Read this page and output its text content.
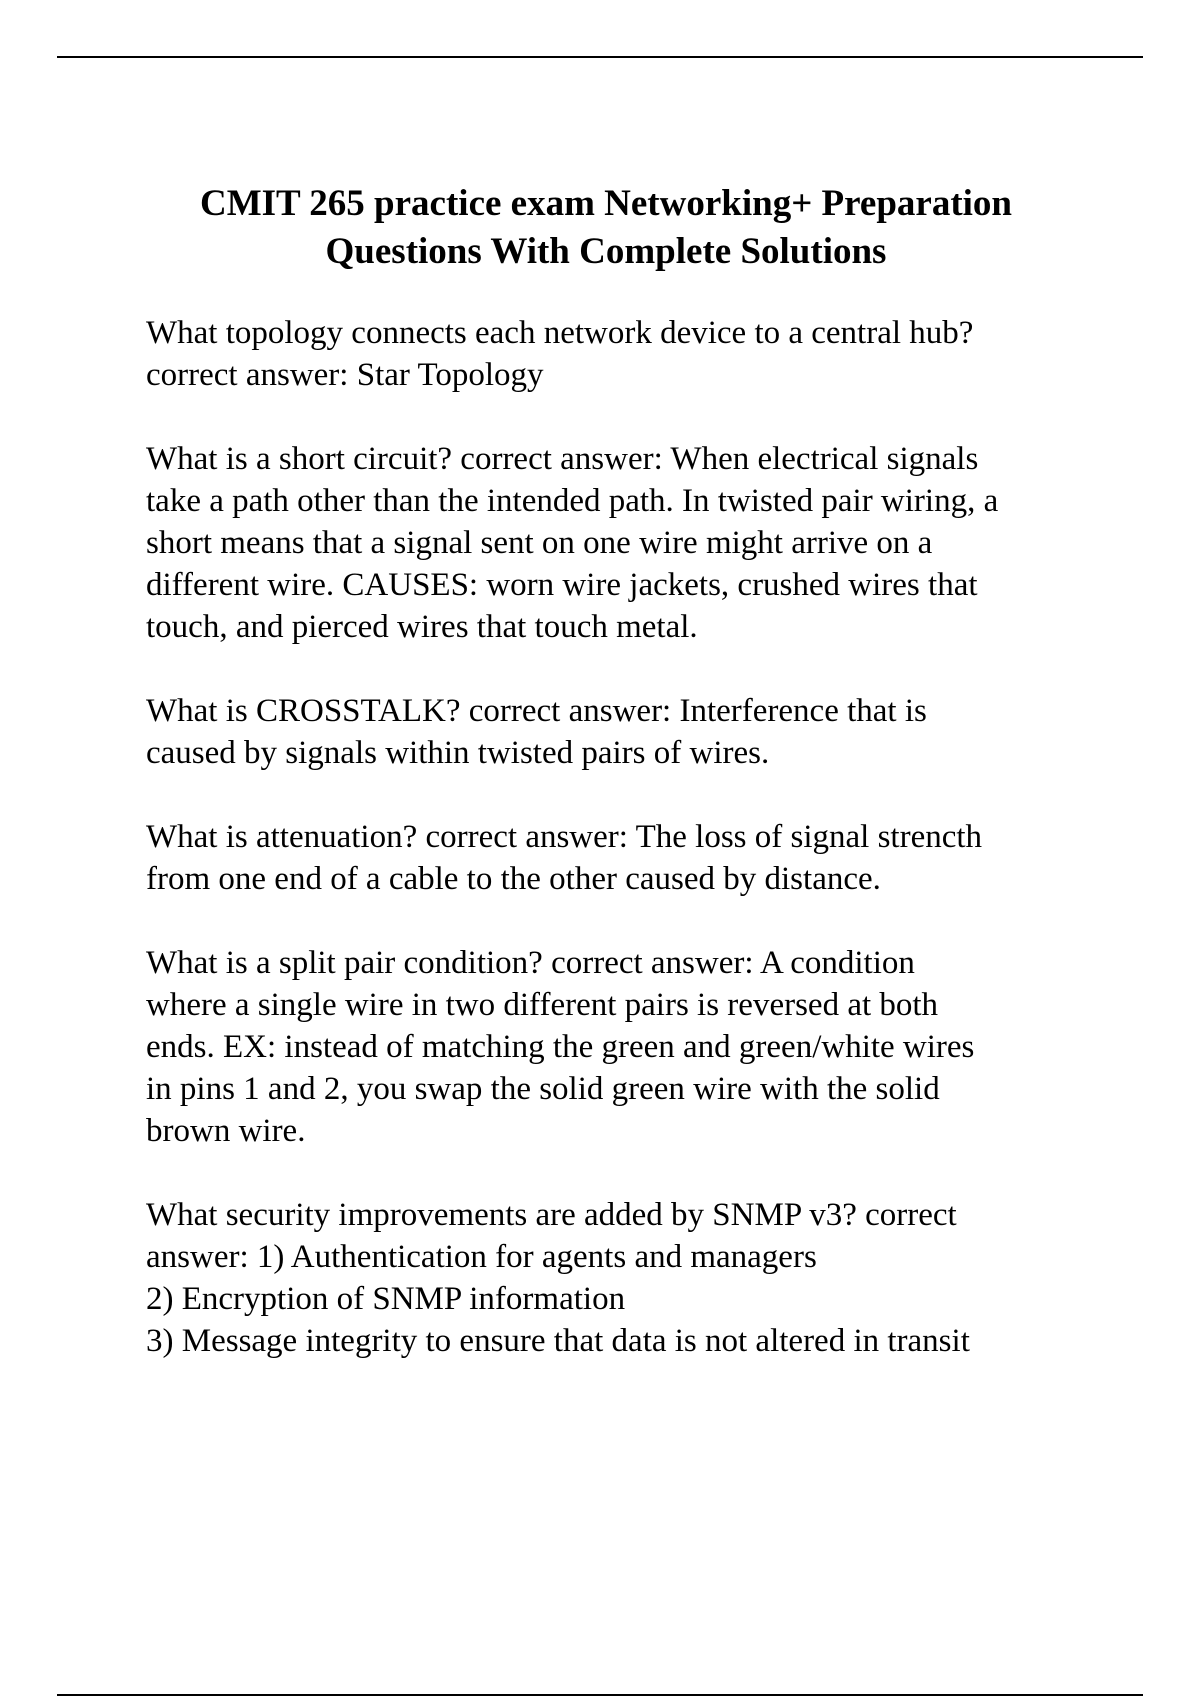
CMIT 265 practice exam Networking+ Preparation
Questions With Complete Solutions

What topology connects each network device to a central hub?
correct answer: Star Topology

What is a short circuit? correct answer: When electrical signals
take a path other than the intended path. In twisted pair wiring, a
short means that a signal sent on one wire might arrive on a
different wire. CAUSES: worn wire jackets, crushed wires that
touch, and pierced wires that touch metal.

What is CROSSTALK? correct answer: Interference that is
caused by signals within twisted pairs of wires.

What is attenuation? correct answer: The loss of signal strencth
from one end of a cable to the other caused by distance.

What is a split pair condition? correct answer: A condition
where a single wire in two different pairs is reversed at both
ends. EX: instead of matching the green and green/white wires
in pins 1 and 2, you swap the solid green wire with the solid
brown wire.

What security improvements are added by SNMP v3? correct
answer: 1) Authentication for agents and managers
2) Encryption of SNMP information
3) Message integrity to ensure that data is not altered in transit
